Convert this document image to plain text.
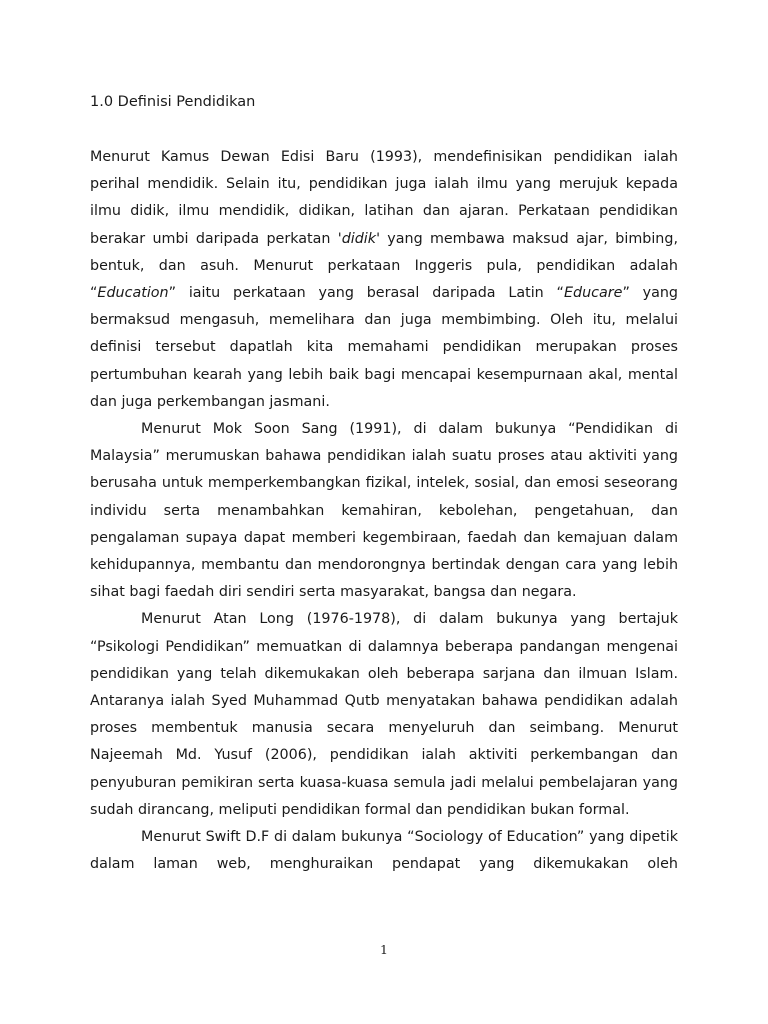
1.0 Definisi Pendidikan

Menurut Kamus Dewan Edisi Baru (1993), mendefinisikan pendidikan ialah perihal mendidik. Selain itu, pendidikan juga ialah ilmu yang merujuk kepada ilmu didik, ilmu mendidik, didikan, latihan dan ajaran. Perkataan pendidikan berakar umbi daripada perkatan 'didik' yang membawa maksud ajar, bimbing, bentuk, dan asuh. Menurut perkataan Inggeris pula, pendidikan adalah “Education” iaitu perkataan yang berasal daripada Latin “Educare” yang bermaksud mengasuh, memelihara dan juga membimbing. Oleh itu, melalui definisi tersebut dapatlah kita memahami pendidikan merupakan proses pertumbuhan kearah yang lebih baik bagi mencapai kesempurnaan akal, mental dan juga perkembangan jasmani.

Menurut Mok Soon Sang (1991), di dalam bukunya “Pendidikan di Malaysia” merumuskan bahawa pendidikan ialah suatu proses atau aktiviti yang berusaha untuk memperkembangkan fizikal, intelek, sosial, dan emosi seseorang individu serta menambahkan kemahiran, kebolehan, pengetahuan, dan pengalaman supaya dapat memberi kegembiraan, faedah dan kemajuan dalam kehidupannya, membantu dan mendorongnya bertindak dengan cara yang lebih sihat bagi faedah diri sendiri serta masyarakat, bangsa dan negara.

Menurut Atan Long (1976-1978), di dalam bukunya yang bertajuk “Psikologi Pendidikan” memuatkan di dalamnya beberapa pandangan mengenai pendidikan yang telah dikemukakan oleh beberapa sarjana dan ilmuan Islam. Antaranya ialah Syed Muhammad Qutb menyatakan bahawa pendidikan adalah proses membentuk manusia secara menyeluruh dan seimbang. Menurut Najeemah Md. Yusuf (2006), pendidikan ialah aktiviti perkembangan dan penyuburan pemikiran serta kuasa-kuasa semula jadi melalui pembelajaran yang sudah dirancang, meliputi pendidikan formal dan pendidikan bukan formal.

Menurut Swift D.F di dalam bukunya “Sociology of Education” yang dipetik dalam laman web, menghuraikan pendapat yang dikemukakan oleh

1
